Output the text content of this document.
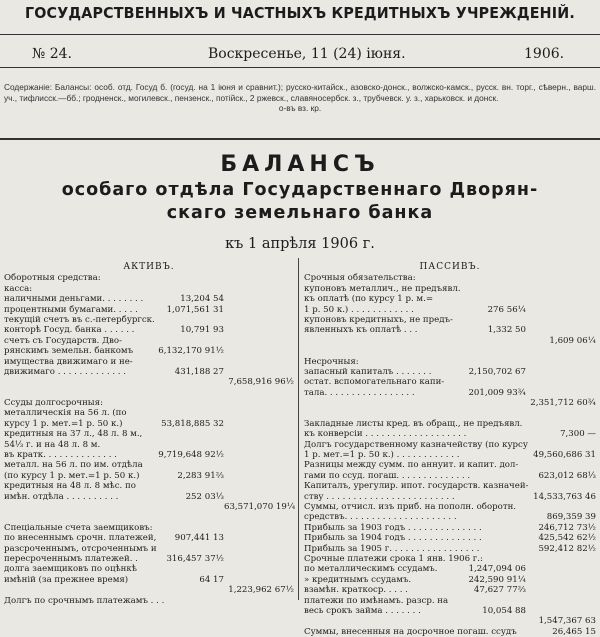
ГОСУДАРСТВЕННЫХЪ И ЧАСТНЫХЪ КРЕДИТНЫХЪ УЧРЕЖДЕНІЙ.
№ 24.	Воскресенье, 11 (24) іюня.	1906.
Содержаніе: Балансы: особ. отд. Госуд б. (госуд. на 1 іюня и сравнит.); русско-китайск., азовско-донск., волжско-камск., русск. вн. торг., сѣверн., варш. уч., тифлисск.—бб.; гродненск., могилевск., пензенск., потійск., 2 ржевск., славяносербск. з., трубчевск. у. з., харьковск. и донск.
о-въ вз. кр.
БАЛАНСЪ
особаго отдѣла Государственнаго Дворян-
скаго земельнаго банка
къ 1 апрѣля 1906 г.
АКТИВЪ.
Оборотныя средства:
касса:
наличными деньгами. . . . . . . .	13,204 54
процентными бумагами. . . . .	1,071,561 31
текущій счетъ въ с.-петербургск.
конторѣ Госуд. банка . . . . . .	10,791 93
счетъ съ Государств. Дво-
рянскимъ земельн. банкомъ	6,132,170 91½
имущества движимаго и не-
движимаго . . . . . . . . . . . . .	431,188 27
7,658,916 96½
Ссуды долгосрочныя:
металлическія на 56 л. (по
курсу 1 р. мет.=1 р. 50 к.)	53,818,885 32
кредитныя на 37 л., 48 л. 8 м.,
54⅓ г. и на 48 л. 8 м.
въ кратк. . . . . . . . . . . . . .	9,719,648 92½
металл. на 56 л. по им. отдѣла
(по курсу 1 р. мет.=1 р. 50 к.)	2,283 91⅔
кредитныя на 48 л. 8 мѣс. по
имѣн. отдѣла . . . . . . . . . .	252 03⅓
63,571,070 19¼
Спеціальные счета заемщиковъ:
по внесеннымъ срочн. платежей,	907,441 13
разсроченнымъ, отсроченнымъ и
пересроченнымъ платежей. .	316,457 37½
долга заемщиковъ по оцѣнкѣ
имѣній (за прежнее время)	64 17
1,223,962 67½
Долгъ по срочнымъ платежамъ . . .
ПАССИВЪ.
Срочныя обязательства:
купоновъ металлич., не предъявл.
къ оплатѣ (по курсу 1 р. м.=
1 р. 50 к.) . . . . . . . . . . . .	276 56¼
купоновъ кредитныхъ, не предъ-
явленныхъ къ оплатѣ . . .	1,332 50
1,609 06¼
Несрочныя:
запасный капиталъ . . . . . . .	2,150,702 67
остат. вспомогательнаго капи-
тала. . . . . . . . . . . . . . . . .	201,009 93¾
2,351,712 60¾
Закладные листы кред. въ обращ., не предъявл.
къ конверсіи . . . . . . . . . . . . . . . . . . .	7,300 —
Долгъ государственному казначейству (по курсу
1 р. мет.=1 р. 50 к.) . . . . . . . . . . . .	49,560,686 31
Разницы между сумм. по аннуит. и капит. дол-
гами по ссуд. погаш. . . . . . . . . . . . . .	623,012 68⅓
Капиталъ, урегулир. ипот. государств. казначей-
ству . . . . . . . . . . . . . . . . . . . . . . . .	14,533,763 46
Суммы, отчисл. изъ приб. на пополн. оборотн.
средствъ. . . . . . . . . . . . . . . . . . . . .	869,359 39
Прибыль за 1903 годъ . . . . . . . . . . . . . .	246,712 73½
Прибыль за 1904 годъ . . . . . . . . . . . . . .	425,542 62½
Прибыль за 1905 г. . . . . . . . . . . . . . . . .	592,412 82½
Срочные платежи срока 1 янв. 1906 г.:
по металлическимъ ссудамъ.	1,247,094 06
» кредитнымъ ссудамъ.	242,590 91¼
взамѣн. краткоср. . . . .	47,627 77⅔
платежи по имѣнамъ. разср. на
весь срокъ займа . . . . . . .	10,054 88
1,547,367 63
Суммы, внесенныя на досрочное погаш. ссудъ	26,465 15
